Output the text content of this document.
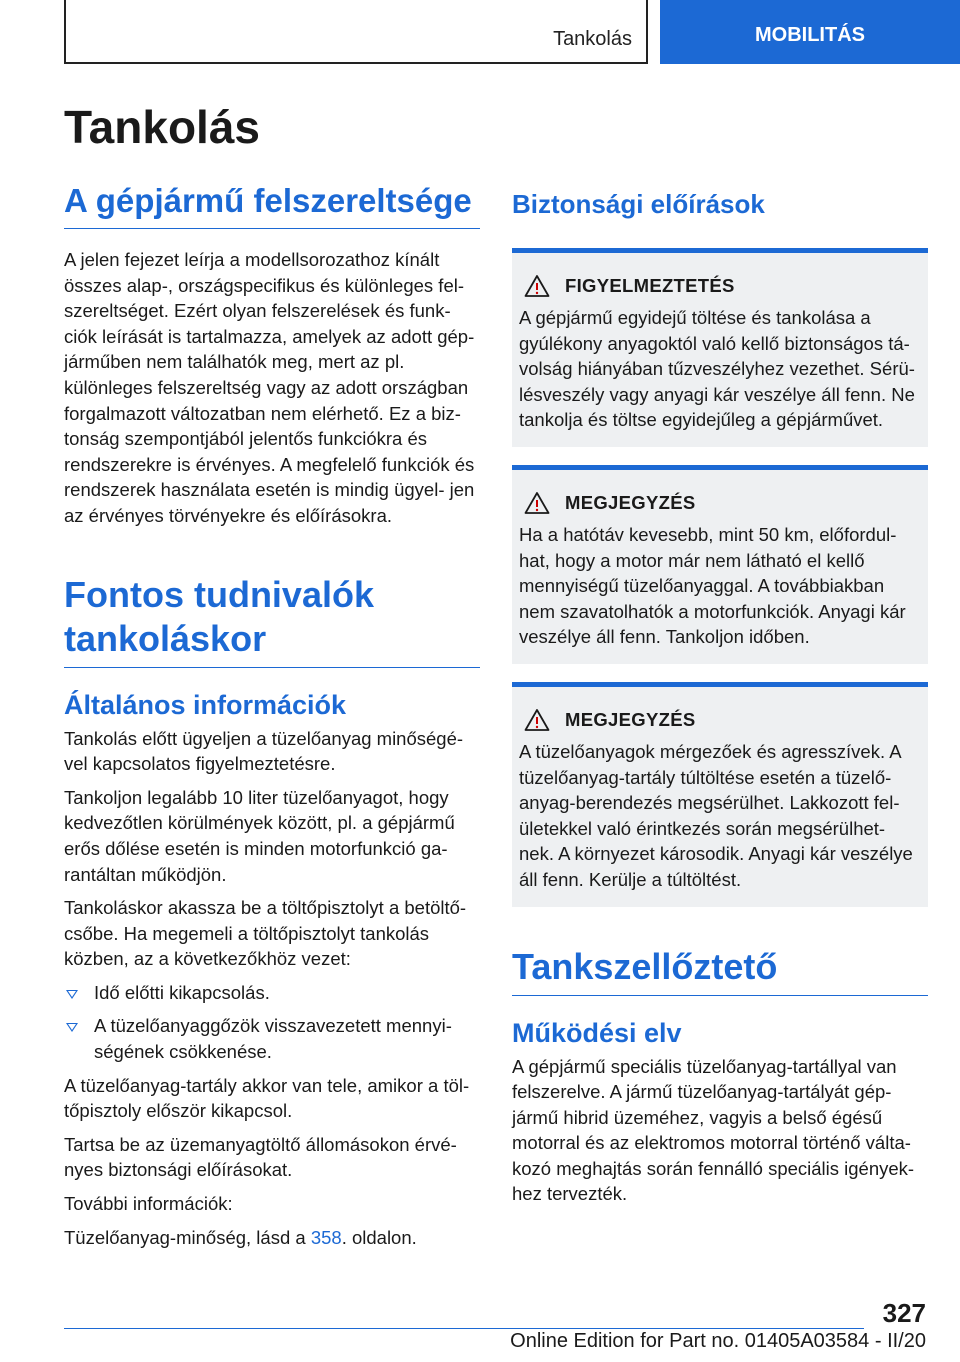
Tankolás	MOBILITÁS
Tankolás
A gépjármű felszereltsége

A jelen fejezet leírja a modellsorozathoz kínált összes alap-, országspecifikus és különleges fel- szereltséget. Ezért olyan felszerelések és funk- ciók leírását is tartalmazza, amelyek az adott gép- járműben nem találhatók meg, mert az pl. különleges felszereltség vagy az adott országban forgalmazott változatban nem elérhető. Ez a biz- tonság szempontjából jelentős funkciókra és rendszerekre is érvényes. A megfelelő funkciók és rendszerek használata esetén is mindig ügyel- jen az érvényes törvényekre és előírásokra.

Fontos tudnivalók tankoláskor
Általános információk

Tankolás előtt ügyeljen a tüzelőanyag minőségé- vel kapcsolatos figyelmeztetésre.

Tankoljon legalább 10 liter tüzelőanyagot, hogy kedvezőtlen körülmények között, pl. a gépjármű erős dőlése esetén is minden motorfunkció ga- rantáltan működjön.

Tankoláskor akassza be a töltőpisztolyt a betöltő- csőbe. Ha megemeli a töltőpisztolyt tankolás közben, az a következőkhöz vezet:

Idő előtti kikapcsolás.
A tüzelőanyaggőzök visszavezetett mennyi- ségének csökkenése.

A tüzelőanyag-tartály akkor van tele, amikor a töl- tőpisztoly először kikapcsol.

Tartsa be az üzemanyagtöltő állomásokon érvé- nyes biztonsági előírásokat.

További információk:

Tüzelőanyag-minőség, lásd a 358. oldalon.

Biztonsági előírások
FIGYELMEZTETÉS

A gépjármű egyidejű töltése és tankolása a gyúlékony anyagoktól való kellő biztonságos tá- volság hiányában tűzveszélyhez vezethet. Sérü- lésveszély vagy anyagi kár veszélye áll fenn. Ne tankolja és töltse egyidejűleg a gépjárművet.

MEGJEGYZÉS

Ha a hatótáv kevesebb, mint 50 km, előfordul- hat, hogy a motor már nem látható el kellő mennyiségű tüzelőanyaggal. A továbbiakban nem szavatolhatók a motorfunkciók. Anyagi kár veszélye áll fenn. Tankoljon időben.

MEGJEGYZÉS

A tüzelőanyagok mérgezőek és agresszívek. A tüzelőanyag-tartály túltöltése esetén a tüzelő- anyag-berendezés megsérülhet. Lakkozott fel- ületekkel való érintkezés során megsérülhet- nek. A környezet károsodik. Anyagi kár veszélye áll fenn. Kerülje a túltöltést.

Tankszellőztető
Működési elv

A gépjármű speciális tüzelőanyag-tartállyal van felszerelve. A jármű tüzelőanyag-tartályát gép- jármű hibrid üzeméhez, vagyis a belső égésű motorral és az elektromos motorral történő válta- kozó meghajtás során fennálló speciális igények- hez tervezték.

327
Online Edition for Part no. 01405A03584 - II/20
